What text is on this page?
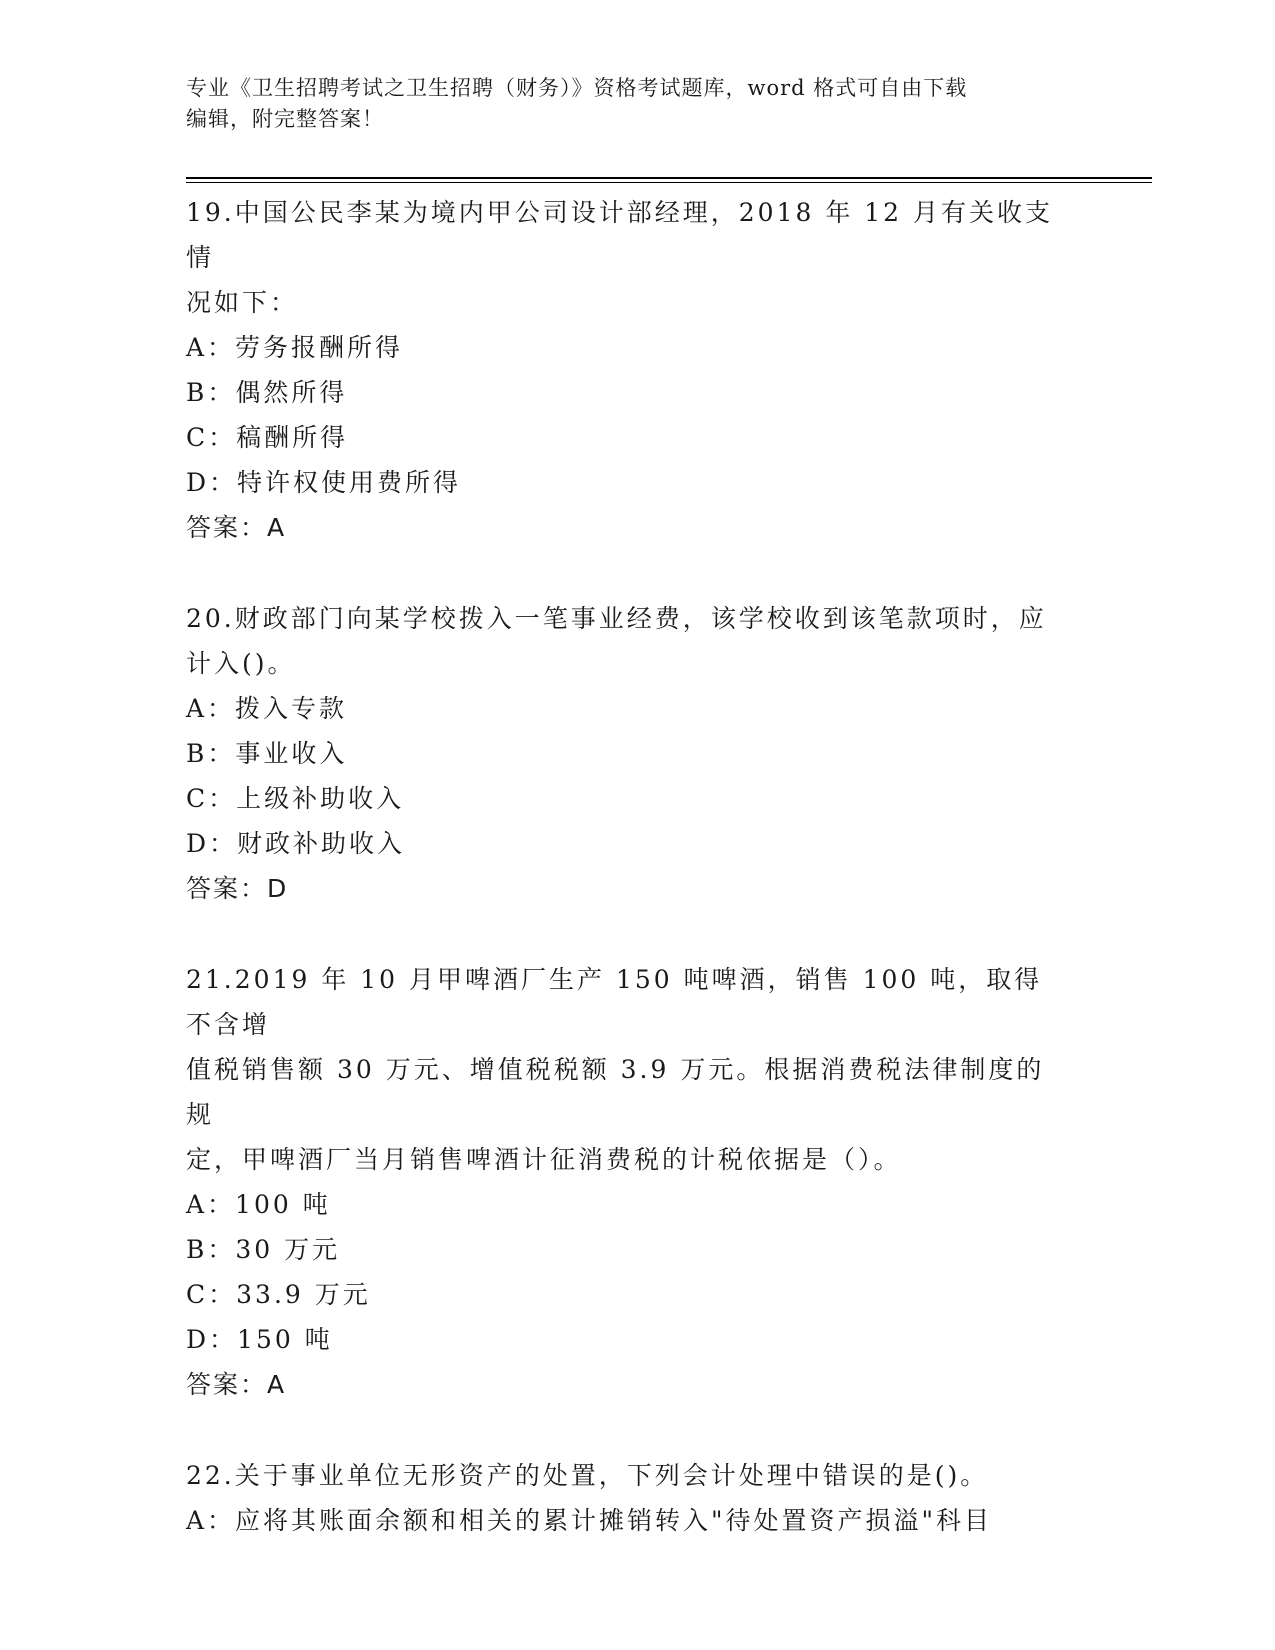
专业《卫生招聘考试之卫生招聘（财务）》资格考试题库，word 格式可自由下载
编辑，附完整答案！

19.中国公民李某为境内甲公司设计部经理，2018 年 12 月有关收支情

况如下：

A：劳务报酬所得

B：偶然所得

C：稿酬所得

D：特许权使用费所得

答案：A

20.财政部门向某学校拨入一笔事业经费，该学校收到该笔款项时，应

计入()。

A：拨入专款

B：事业收入

C：上级补助收入

D：财政补助收入

答案：D

21.2019 年 10 月甲啤酒厂生产 150 吨啤酒，销售 100 吨，取得不含增

值税销售额 30 万元、增值税税额 3.9 万元。根据消费税法律制度的规

定，甲啤酒厂当月销售啤酒计征消费税的计税依据是（）。

A：100 吨

B：30 万元

C：33.9 万元

D：150 吨

答案：A

22.关于事业单位无形资产的处置，下列会计处理中错误的是()。

A：应将其账面余额和相关的累计摊销转入"待处置资产损溢"科目
